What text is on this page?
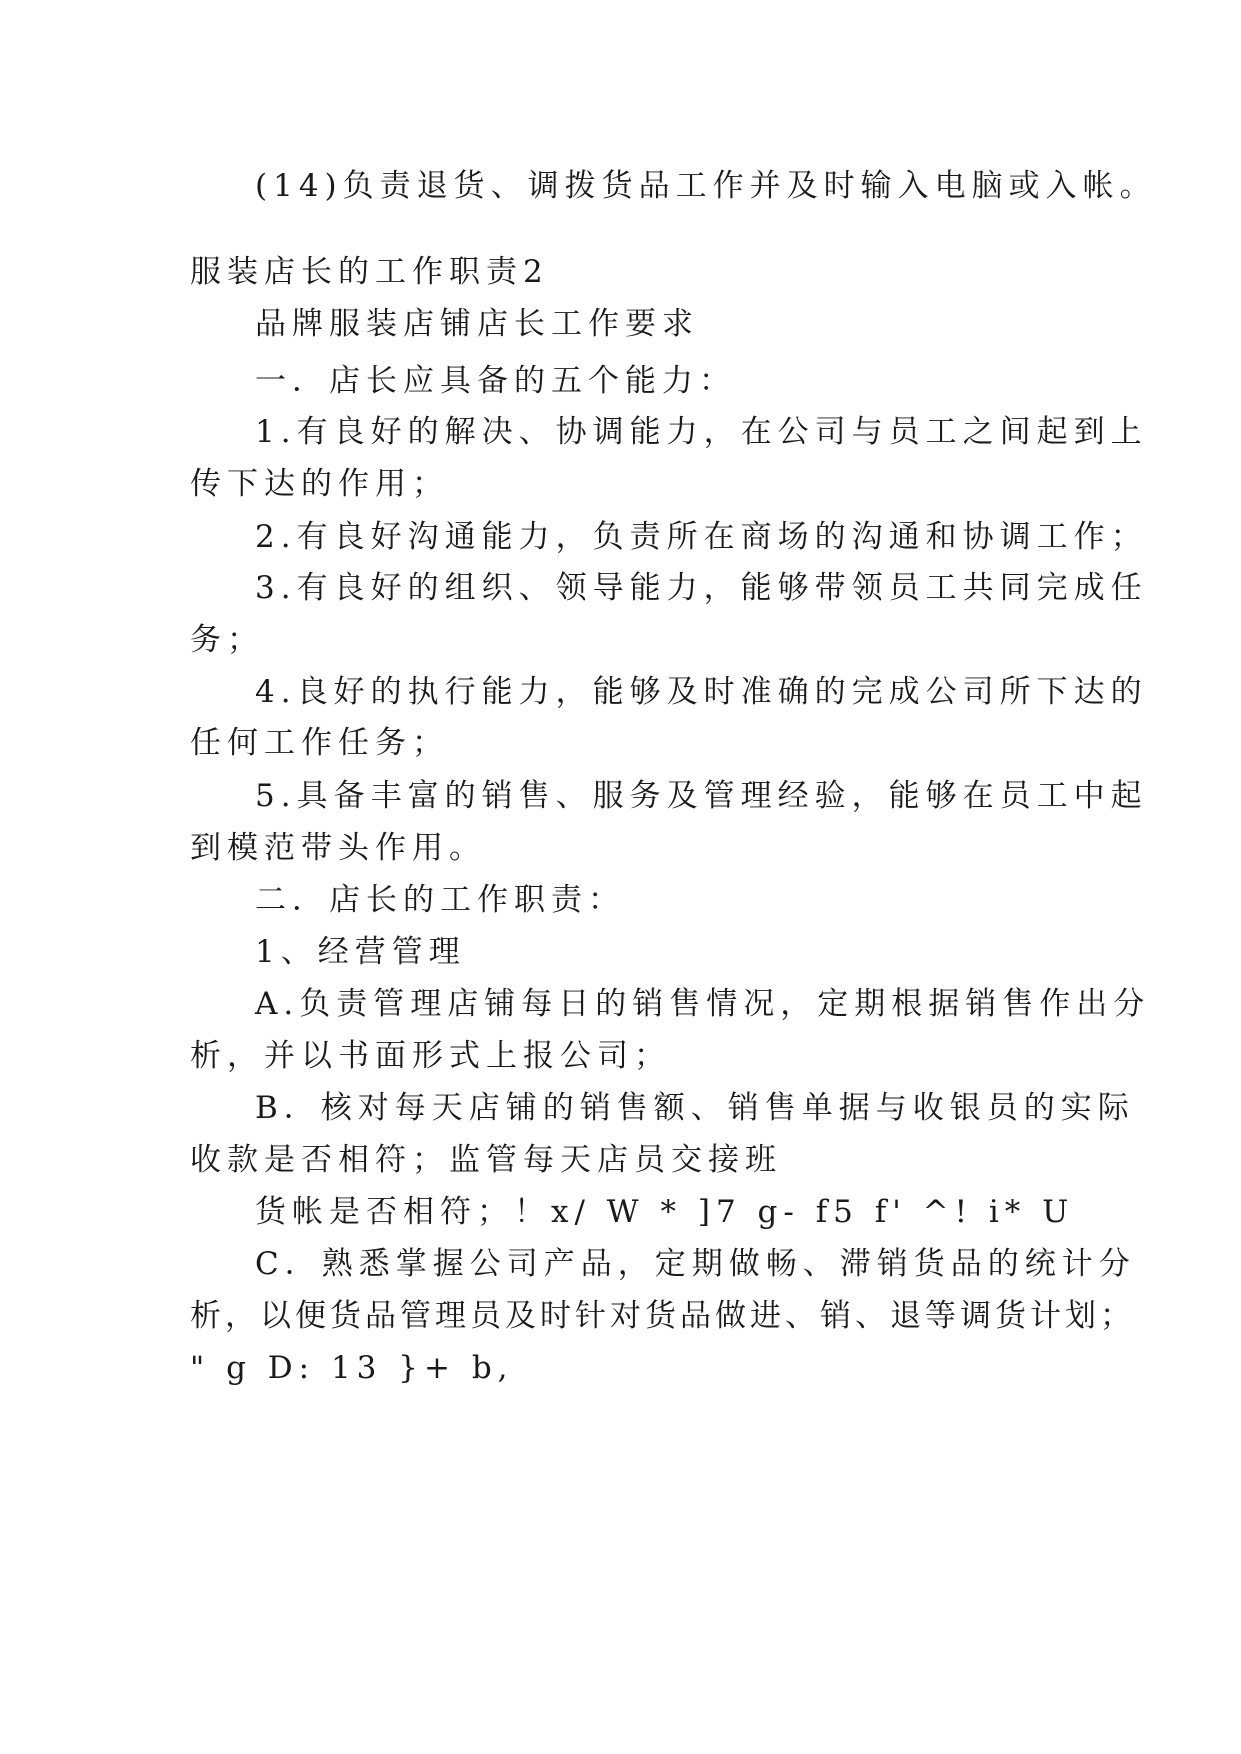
(14)负责退货、调拨货品工作并及时输入电脑或入帐。
服装店长的工作职责2
品牌服装店铺店长工作要求
一．店长应具备的五个能力：
1.有良好的解决、协调能力，在公司与员工之间起到上
传下达的作用；
2.有良好沟通能力，负责所在商场的沟通和协调工作；
3.有良好的组织、领导能力，能够带领员工共同完成任
务；
4.良好的执行能力，能够及时准确的完成公司所下达的
任何工作任务；
5.具备丰富的销售、服务及管理经验，能够在员工中起
到模范带头作用。
二．店长的工作职责：
1、经营管理
A.负责管理店铺每日的销售情况，定期根据销售作出分
析，并以书面形式上报公司；
B．核对每天店铺的销售额、销售单据与收银员的实际
收款是否相符；监管每天店员交接班
货帐是否相符；！x/ W * ]7 g- f5 f' ^! i* U
C．熟悉掌握公司产品，定期做畅、滞销货品的统计分
析，以便货品管理员及时针对货品做进、销、退等调货计划；
" g D: 13 }+ b,
